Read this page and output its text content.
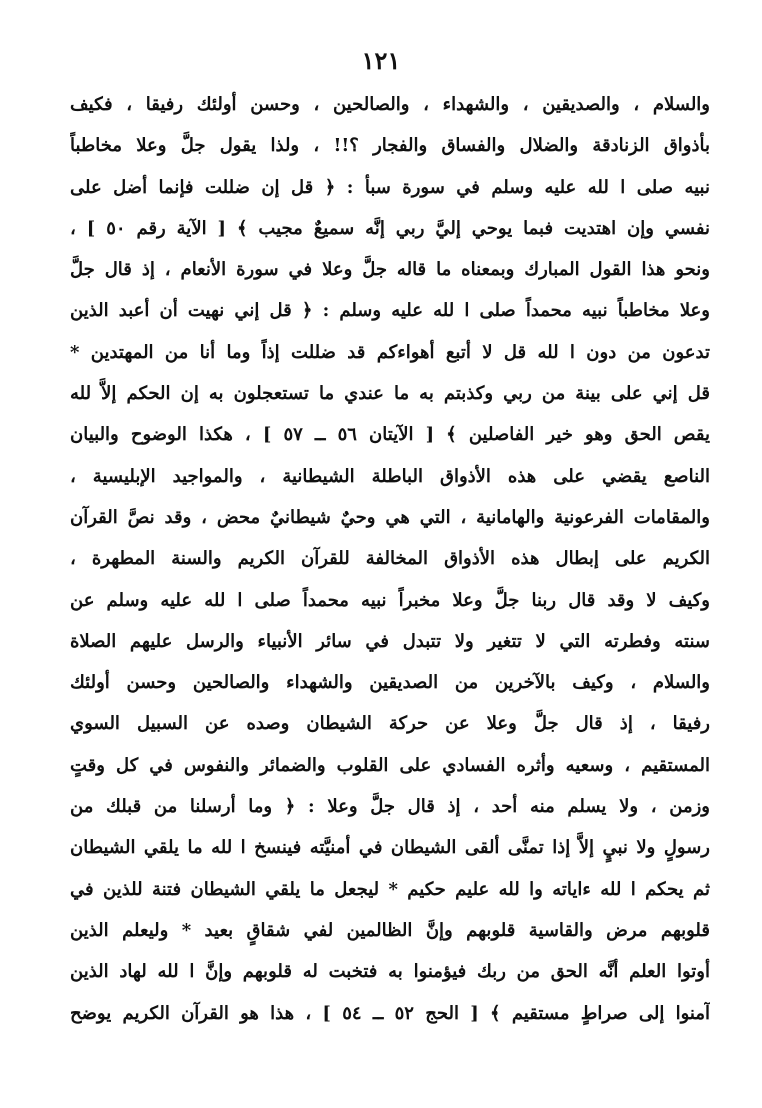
١٢١
والسلام ، والصديقين ، والشهداء ، والصالحين ، وحسن أولئك رفيقا ، فكيف
بأذواق الزنادقة والضلال والفساق والفجار ؟!! ، ولذا يقول جلَّ وعلا مخاطباً
نبيه صلى ا لله عليه وسلم في سورة سبأ : ﴿ قل إن ضللت فإنما أضل على
نفسي وإن اهتديت فبما يوحي إليَّ ربي إنَّه سميعٌ مجيب ﴾ [ الآية رقم ٥٠ ] ،
ونحو هذا القول المبارك وبمعناه ما قاله جلَّ وعلا في سورة الأنعام ، إذ قال جلَّ
وعلا مخاطباً نبيه محمداً صلى ا لله عليه وسلم : ﴿ قل إني نهيت أن أعبد الذين
تدعون من دون ا لله قل لا أتبع أهواءكم قد ضللت إذاً وما أنا من المهتدين *
قل إني على بينة من ربي وكذبتم به ما عندي ما تستعجلون به إن الحكم إلاَّ لله
يقص الحق وهو خير الفاصلين ﴾ [ الآيتان ٥٦ ــ ٥٧ ] ، هكذا الوضوح والبيان
الناصع يقضي على هذه الأذواق الباطلة الشيطانية ، والمواجيد الإبليسية ،
والمقامات الفرعونية والهامانية ، التي هي وحيٌ شيطانيٌ محض ، وقد نصَّ القرآن
الكريم على إبطال هذه الأذواق المخالفة للقرآن الكريم والسنة المطهرة ،
وكيف لا وقد قال ربنا جلَّ وعلا مخبراً نبيه محمداً صلى ا لله عليه وسلم عن
سنته وفطرته التي لا تتغير ولا تتبدل في سائر الأنبياء والرسل عليهم الصلاة
والسلام ، وكيف بالآخرين من الصديقين والشهداء والصالحين وحسن أولئك
رفيقا ، إذ قال جلَّ وعلا عن حركة الشيطان وصده عن السبيل السوي
المستقيم ، وسعيه وأثره الفسادي على القلوب والضمائر والنفوس في كل وقتٍ
وزمن ، ولا يسلم منه أحد ، إذ قال جلَّ وعلا : ﴿ وما أرسلنا من قبلك من
رسولٍ ولا نبيٍ إلاَّ إذا تمنَّى ألقى الشيطان في أمنيَّته فينسخ ا لله ما يلقي الشيطان
ثم يحكم ا لله ءاياته وا لله عليم حكيم * ليجعل ما يلقي الشيطان فتنة للذين في
قلوبهم مرض والقاسية قلوبهم وإنَّ الظالمين لفي شقاقٍ بعيد * وليعلم الذين
أوتوا العلم أنَّه الحق من ربك فيؤمنوا به فتخبت له قلوبهم وإنَّ ا لله لهاد الذين
آمنوا إلى صراطٍ مستقيم ﴾ [ الحج ٥٢ ــ ٥٤ ] ، هذا هو القرآن الكريم يوضح
